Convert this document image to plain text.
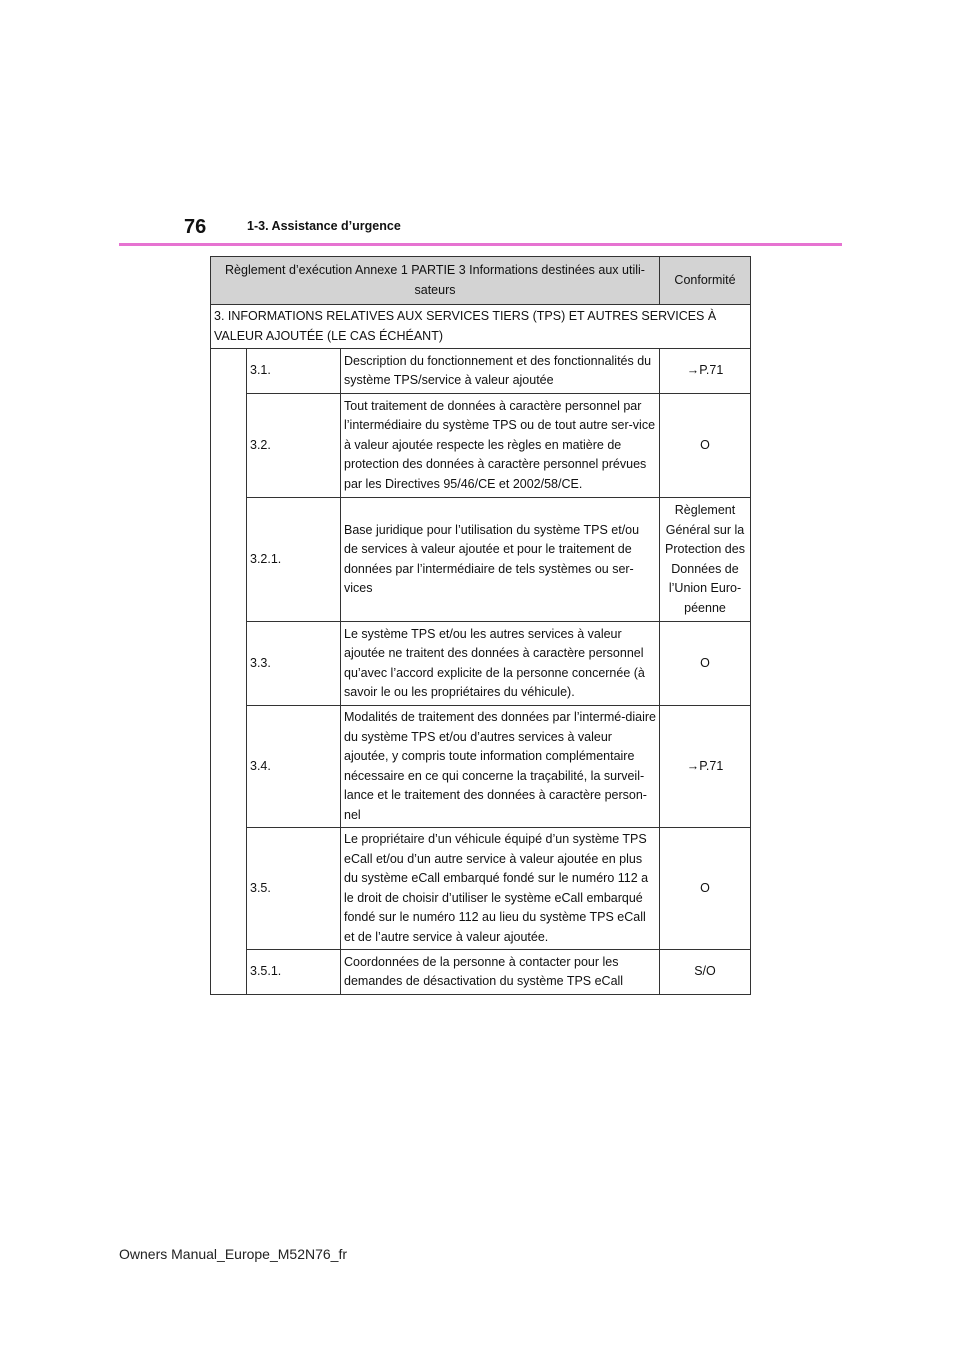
76	1-3. Assistance d’urgence
Règlement d’exécution Annexe 1 PARTIE 3 Informations destinées aux utili-sateurs			Conformité
3. INFORMATIONS RELATIVES AUX SERVICES TIERS (TPS) ET AUTRES SERVICES À VALEUR AJOUTÉE (LE CAS ÉCHÉANT)			
	3.1.	Description du fonctionnement et des fonctionnalités du système TPS/service à valeur ajoutée	→P.71
	3.2.	Tout traitement de données à caractère personnel par l’intermédiaire du système TPS ou de tout autre ser-vice à valeur ajoutée respecte les règles en matière de protection des données à caractère personnel prévues par les Directives 95/46/CE et 2002/58/CE.	O
	3.2.1.	Base juridique pour l’utilisation du système TPS et/ou de services à valeur ajoutée et pour le traitement de données par l’intermédiaire de tels systèmes ou ser-vices	Règlement Général sur la Protection des Données de l’Union Euro-péenne
	3.3.	Le système TPS et/ou les autres services à valeur ajoutée ne traitent des données à caractère personnel qu’avec l’accord explicite de la personne concernée (à savoir le ou les propriétaires du véhicule).	O
	3.4.	Modalités de traitement des données par l’intermé-diaire du système TPS et/ou d’autres services à valeur ajoutée, y compris toute information complémentaire nécessaire en ce qui concerne la traçabilité, la surveil-lance et le traitement des données à caractère person-nel	→P.71
	3.5.	Le propriétaire d’un véhicule équipé d’un système TPS eCall et/ou d’un autre service à valeur ajoutée en plus du système eCall embarqué fondé sur le numéro 112 a le droit de choisir d’utiliser le système eCall embarqué fondé sur le numéro 112 au lieu du système TPS eCall et de l’autre service à valeur ajoutée.	O
	3.5.1.	Coordonnées de la personne à contacter pour les demandes de désactivation du système TPS eCall	S/O
Owners Manual_Europe_M52N76_fr
